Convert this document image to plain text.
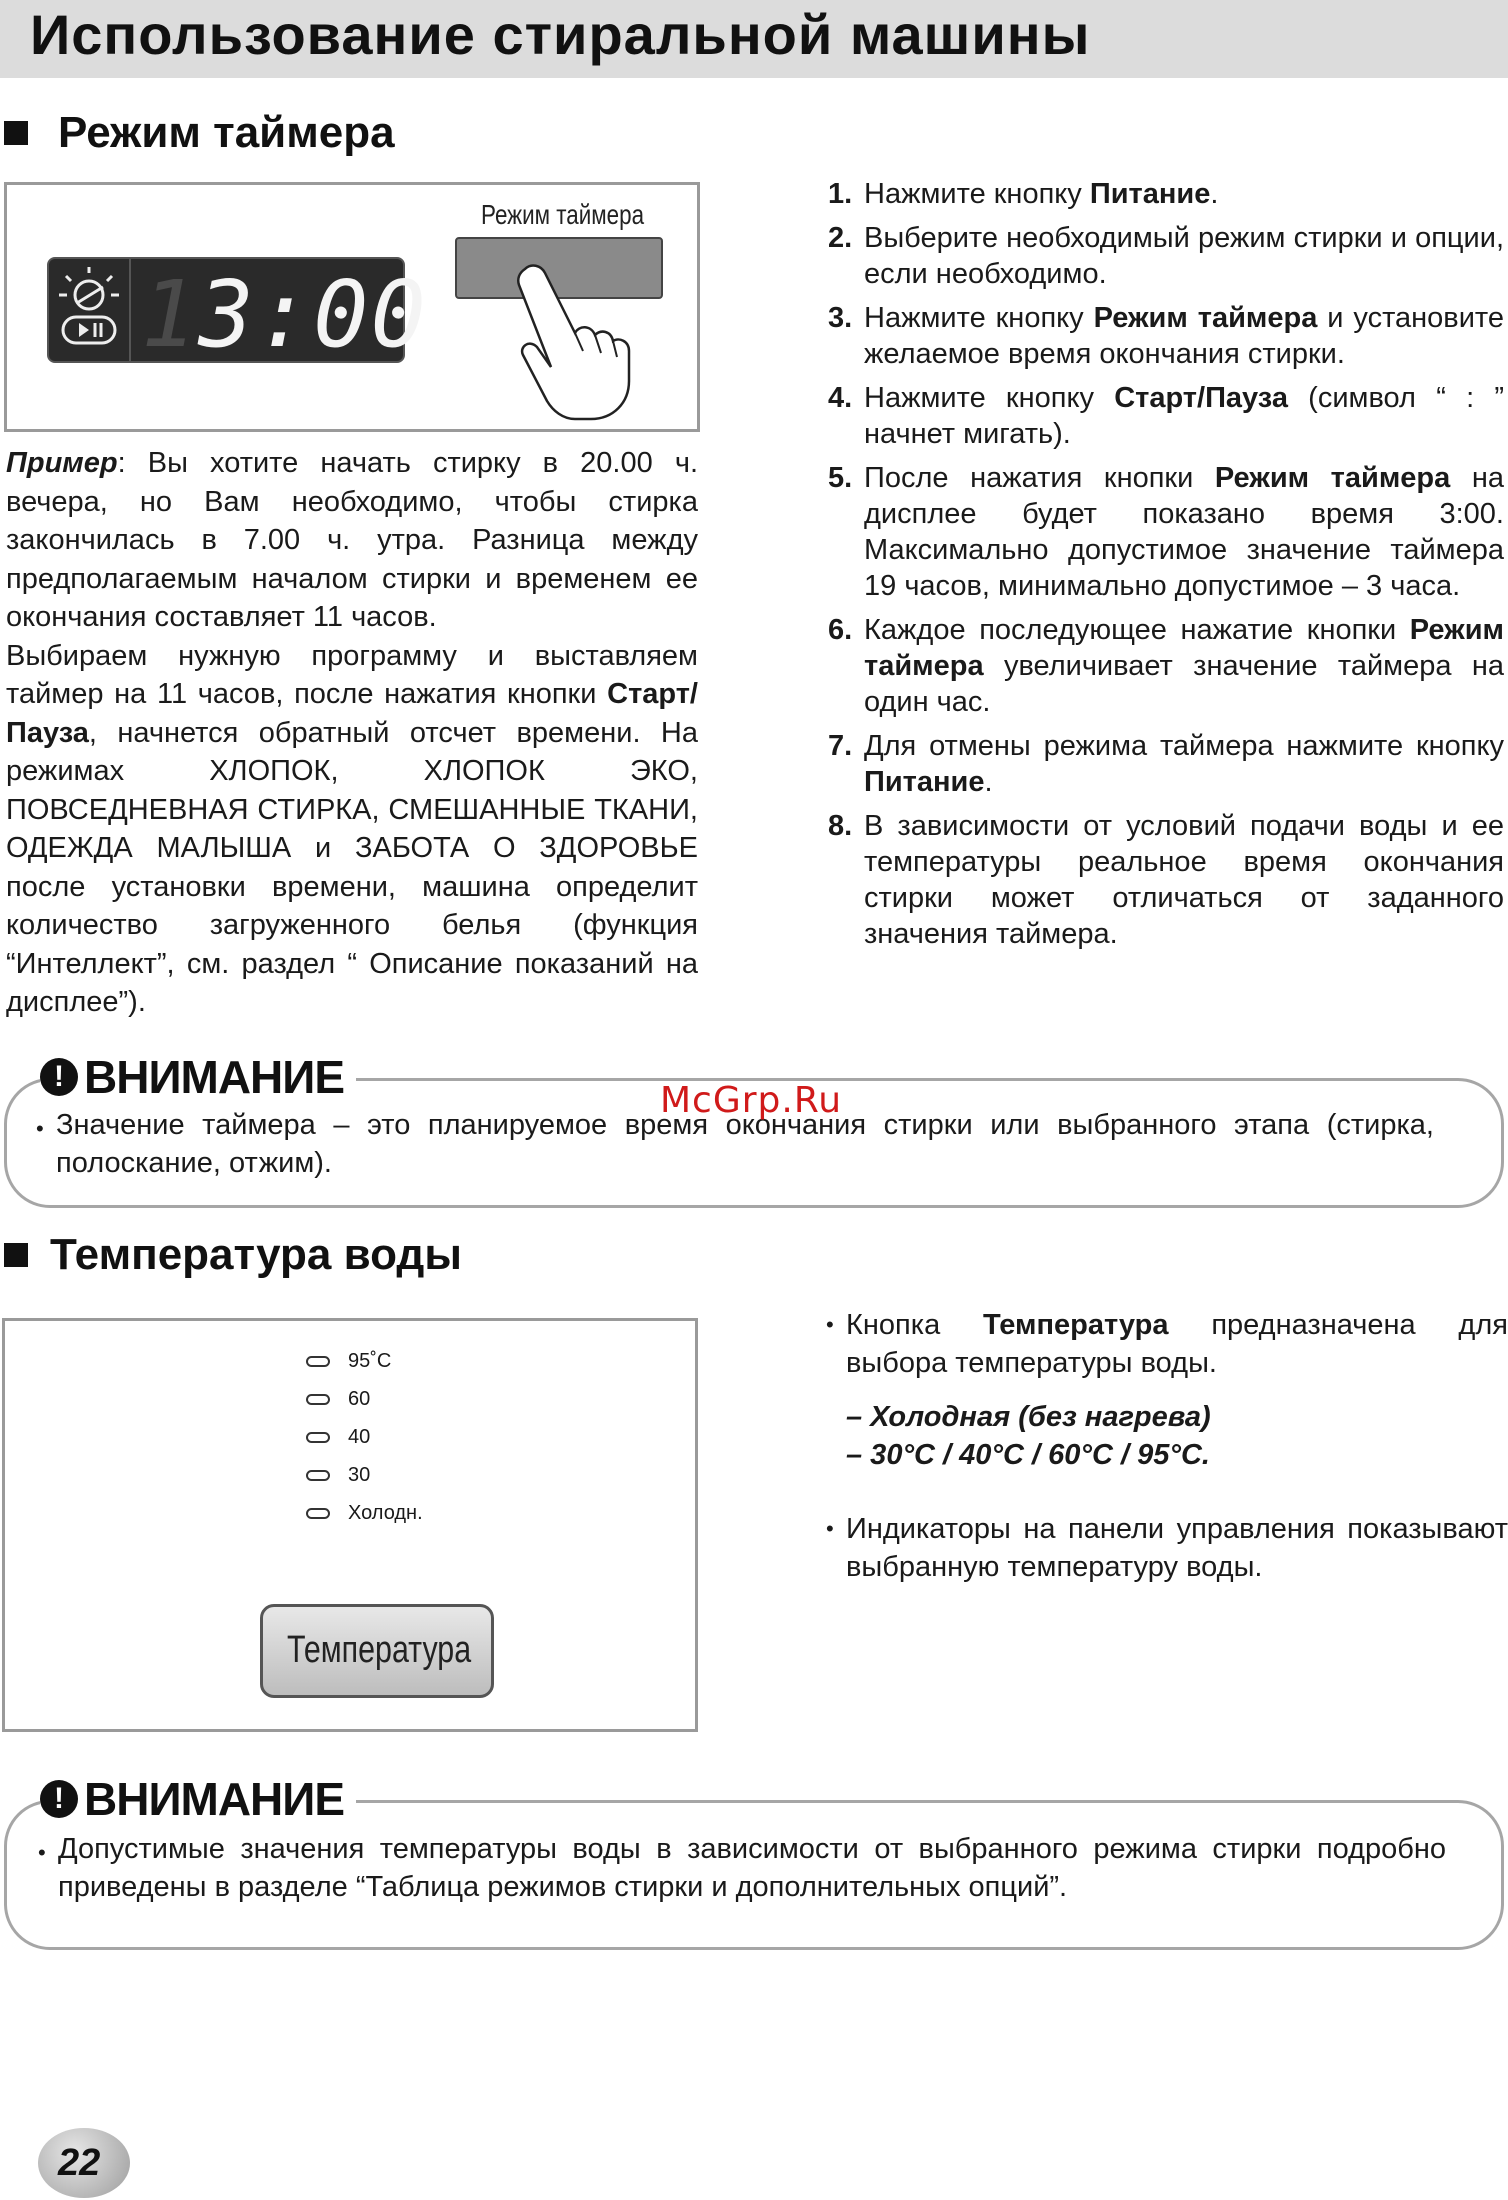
Использование стиральной машины
Режим таймера
13:00
Режим таймера

Пример: Вы хотите начать стирку в 20.00 ч. вечера, но Вам необходимо, чтобы стирка закончилась в 7.00 ч. утра. Разница между предполагаемым началом стирки и временем ее окончания составляет 11 часов.

Выбираем нужную программу и выставляем таймер на 11 часов, после нажатия кнопки Старт/Пауза, начнется обратный отсчет времени. На режимах ХЛОПОК, ХЛОПОК ЭКО, ПОВСЕДНЕВНАЯ СТИРКА, СМЕШАННЫЕ ТКАНИ, ОДЕЖДА МАЛЫША и ЗАБОТА О ЗДОРОВЬЕ после установки времени, машина определит количество загруженного белья (функция “Интеллект”, см. раздел “ Описание показаний на дисплее”).

1. Нажмите кнопку Питание.
2. Выберите необходимый режим стирки и опции, если необходимо.
3. Нажмите кнопку Режим таймера и установите желаемое время окончания стирки.
4. Нажмите кнопку Старт/Пауза (символ “ : ” начнет мигать).
5. После нажатия кнопки Режим таймера на дисплее будет показано время 3:00. Максимально допустимое значение таймера 19 часов, минимально допустимое – 3 часа.
6. Каждое последующее нажатие кнопки Режим таймера увеличивает значение таймера на один час.
7. Для отмены режима таймера нажмите кнопку Питание.
8. В зависимости от условий подачи воды и ее температуры реальное время окончания стирки может отличаться от заданного значения таймера.
! ВНИМАНИЕ
• Значение таймера – это планируемое время окончания стирки или выбранного этапа (стирка, полоскание, отжим).
McGrp.Ru
Температура воды
95˚C
60
40
30
Холодн.
Температура
• Кнопка Температура предназначена для выбора температуры воды.
– Холодная (без нагрева)
– 30°C / 40°C / 60°C / 95°C.
• Индикаторы на панели управления показывают выбранную температуру воды.
! ВНИМАНИЕ
• Допустимые значения температуры воды в зависимости от выбранного режима стирки подробно приведены в разделе “Таблица режимов стирки и дополнительных опций”.
22
